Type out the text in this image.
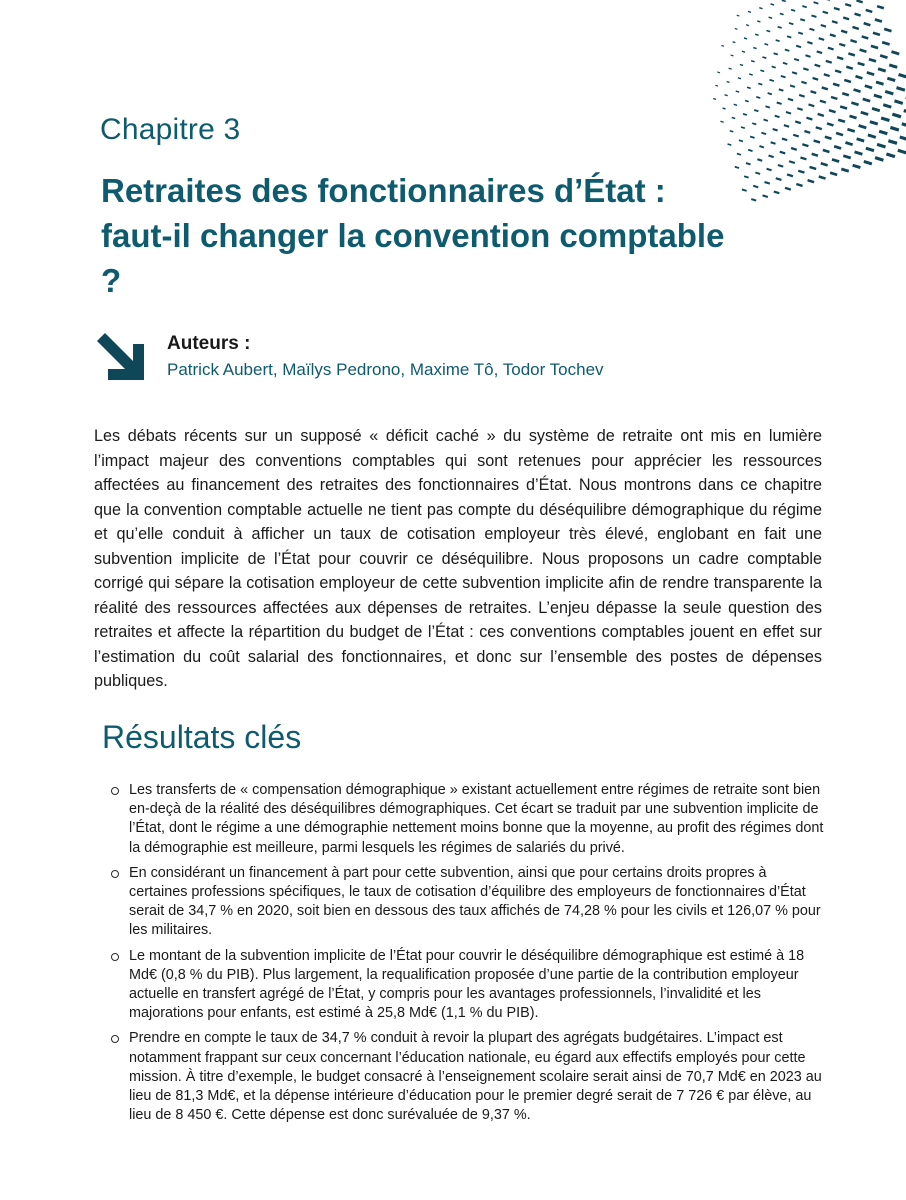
Chapitre 3
Retraites des fonctionnaires d’État : faut-il changer la convention comptable ?
Auteurs :
Patrick Aubert, Maïlys Pedrono, Maxime Tô, Todor Tochev

Les débats récents sur un supposé « déficit caché » du système de retraite ont mis en lumière l’impact majeur des conventions comptables qui sont retenues pour apprécier les ressources affectées au financement des retraites des fonctionnaires d’État. Nous montrons dans ce chapitre que la convention comptable actuelle ne tient pas compte du déséquilibre démographique du régime et qu’elle conduit à afficher un taux de cotisation employeur très élevé, englobant en fait une subvention implicite de l’État pour couvrir ce déséquilibre. Nous proposons un cadre comptable corrigé qui sépare la cotisation employeur de cette subvention implicite afin de rendre transparente la réalité des ressources affectées aux dépenses de retraites. L’enjeu dépasse la seule question des retraites et affecte la répartition du budget de l’État : ces conventions comptables jouent en effet sur l’estimation du coût salarial des fonctionnaires, et donc sur l’ensemble des postes de dépenses publiques.

Résultats clés
Les transferts de « compensation démographique » existant actuellement entre régimes de retraite sont bien en-deçà de la réalité des déséquilibres démographiques. Cet écart se traduit par une subvention implicite de l’État, dont le régime a une démographie nettement moins bonne que la moyenne, au profit des régimes dont la démographie est meilleure, parmi lesquels les régimes de salariés du privé.
En considérant un financement à part pour cette subvention, ainsi que pour certains droits propres à certaines professions spécifiques, le taux de cotisation d’équilibre des employeurs de fonctionnaires d’État serait de 34,7 % en 2020, soit bien en dessous des taux affichés de 74,28 % pour les civils et 126,07 % pour les militaires.
Le montant de la subvention implicite de l’État pour couvrir le déséquilibre démographique est estimé à 18 Md€ (0,8 % du PIB). Plus largement, la requalification proposée d’une partie de la contribution employeur actuelle en transfert agrégé de l’État, y compris pour les avantages professionnels, l’invalidité et les majorations pour enfants, est estimé à 25,8 Md€ (1,1 % du PIB).
Prendre en compte le taux de 34,7 % conduit à revoir la plupart des agrégats budgétaires. L’impact est notamment frappant sur ceux concernant l’éducation nationale, eu égard aux effectifs employés pour cette mission. À titre d’exemple, le budget consacré à l’enseignement scolaire serait ainsi de 70,7 Md€ en 2023 au lieu de 81,3 Md€, et la dépense intérieure d’éducation pour le premier degré serait de 7 726 € par élève, au lieu de 8 450 €. Cette dépense est donc surévaluée de 9,37 %.
